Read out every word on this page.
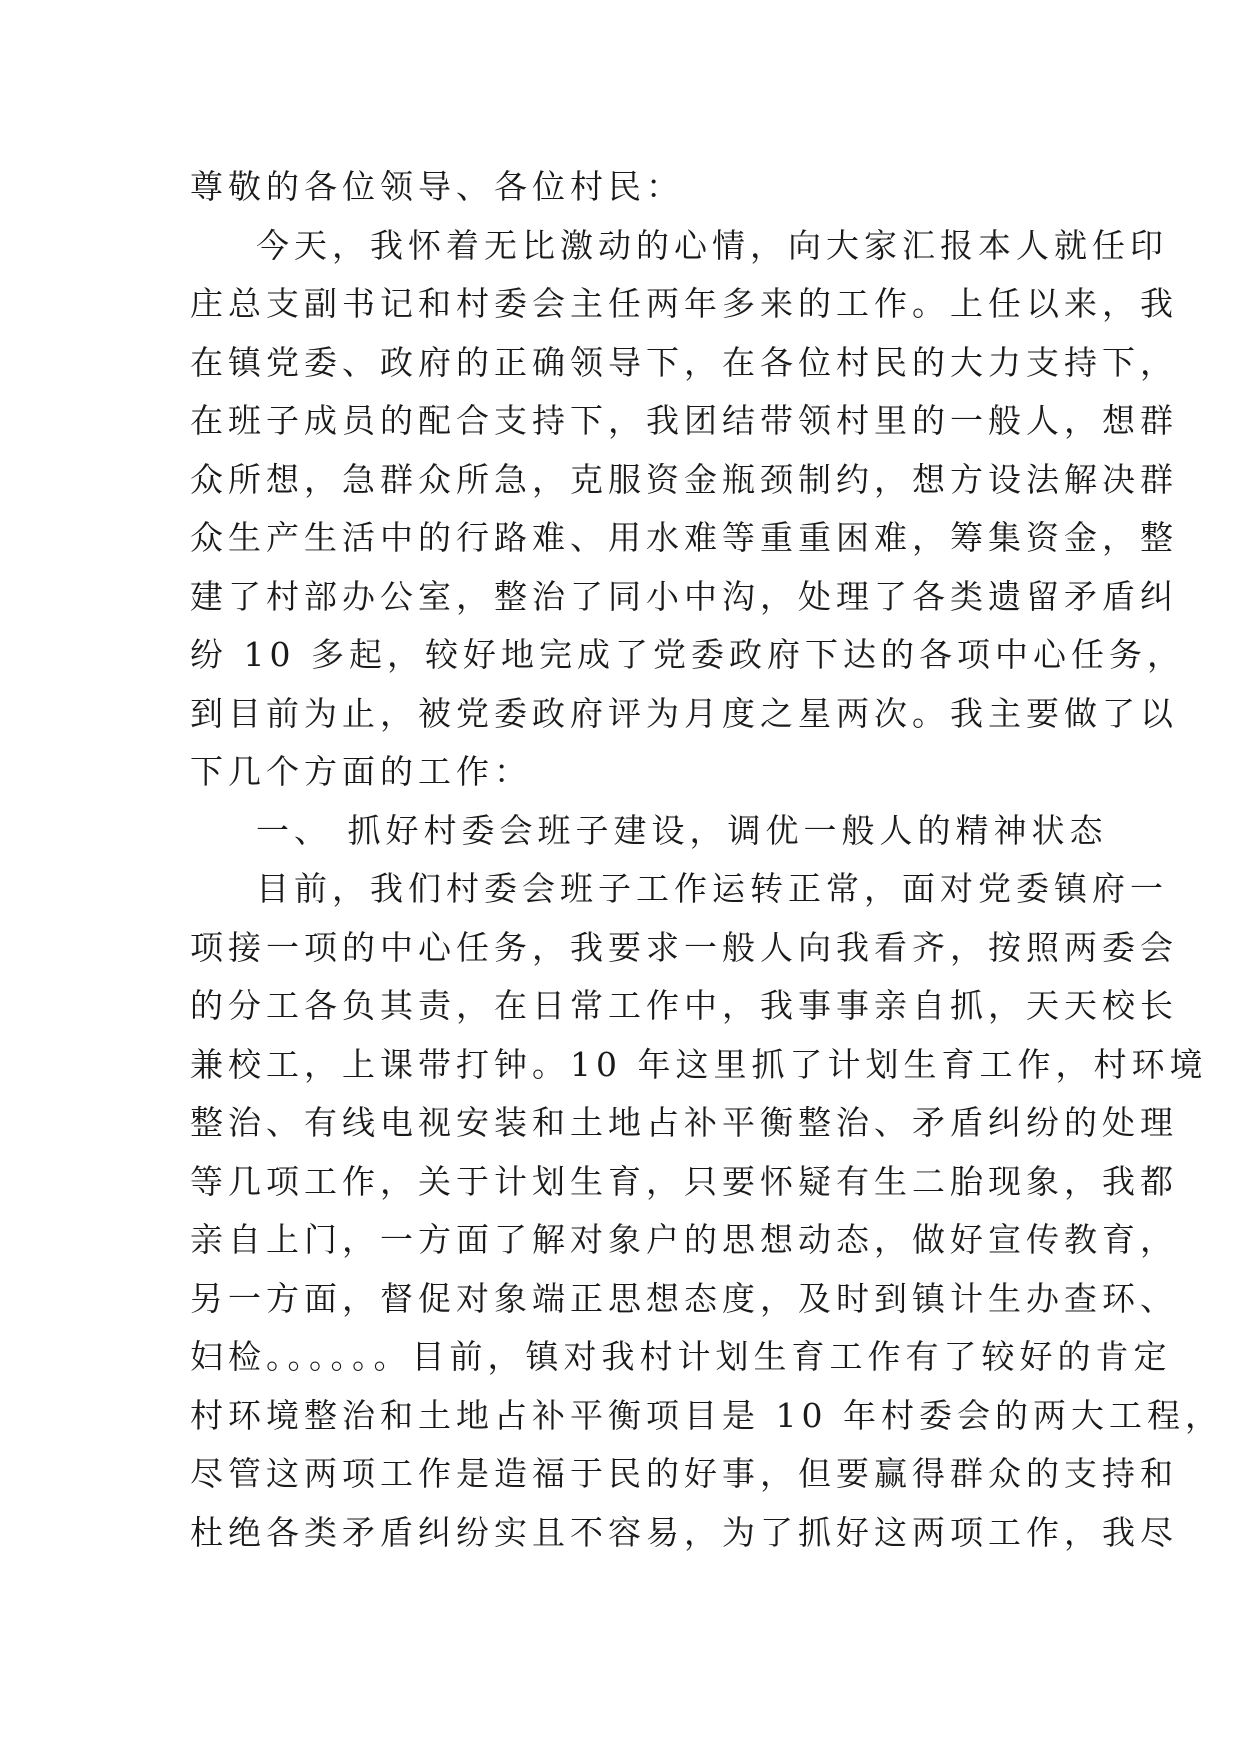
尊敬的各位领导、各位村民：
今天，我怀着无比激动的心情，向大家汇报本人就任印
庄总支副书记和村委会主任两年多来的工作。上任以来，我
在镇党委、政府的正确领导下，在各位村民的大力支持下，
在班子成员的配合支持下，我团结带领村里的一般人，想群
众所想，急群众所急，克服资金瓶颈制约，想方设法解决群
众生产生活中的行路难、用水难等重重困难，筹集资金，整
建了村部办公室，整治了同小中沟，处理了各类遗留矛盾纠
纷 10 多起，较好地完成了党委政府下达的各项中心任务，
到目前为止，被党委政府评为月度之星两次。我主要做了以
下几个方面的工作：
一、 抓好村委会班子建设，调优一般人的精神状态
目前，我们村委会班子工作运转正常，面对党委镇府一
项接一项的中心任务，我要求一般人向我看齐，按照两委会
的分工各负其责，在日常工作中，我事事亲自抓，天天校长
兼校工，上课带打钟。10 年这里抓了计划生育工作，村环境
整治、有线电视安装和土地占补平衡整治、矛盾纠纷的处理
等几项工作，关于计划生育，只要怀疑有生二胎现象，我都
亲自上门，一方面了解对象户的思想动态，做好宣传教育，
另一方面，督促对象端正思想态度，及时到镇计生办查环、
妇检。。。。。。目前，镇对我村计划生育工作有了较好的肯定
村环境整治和土地占补平衡项目是 10 年村委会的两大工程，
尽管这两项工作是造福于民的好事，但要赢得群众的支持和
杜绝各类矛盾纠纷实且不容易，为了抓好这两项工作，我尽
